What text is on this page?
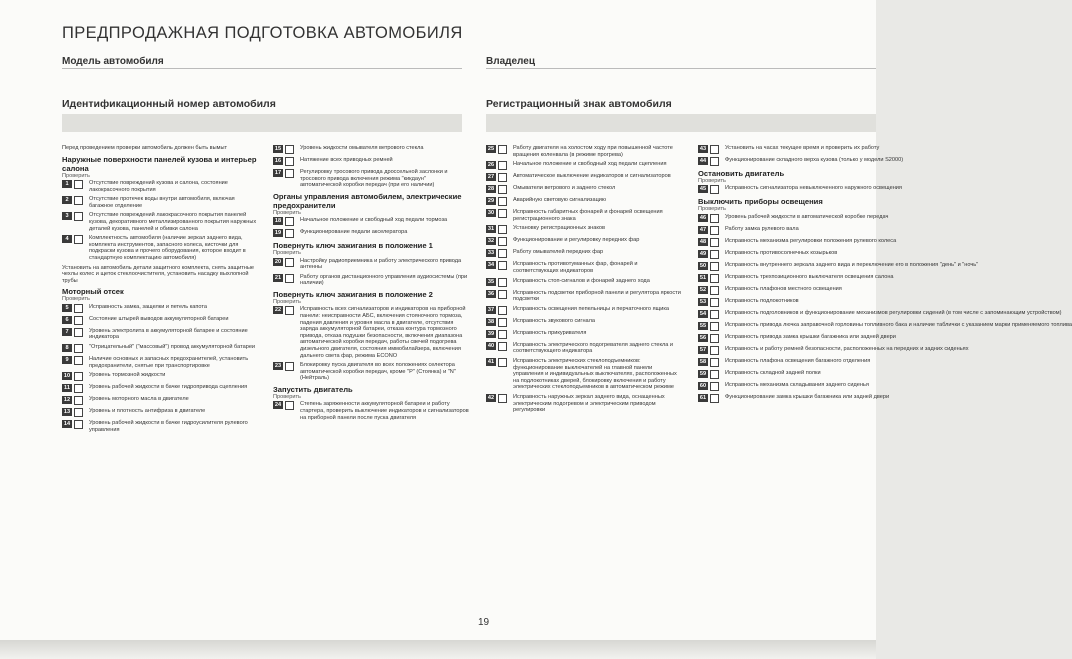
ПРЕДПРОДАЖНАЯ ПОДГОТОВКА АВТОМОБИЛЯ
Модель автомобиля	Владелец
Идентификационный номер автомобиля	Регистрационный знак автомобиля

Перед проведением проверки автомобиль должен быть вымыт

Наружные поверхности панелей кузова и интерьер салона
Проверить
1	Отсутствие повреждений кузова и салона, состояние лакокрасочного покрытия
2	Отсутствие протечек воды внутри автомобиля, включая багажное отделение
3	Отсутствие повреждений лакокрасочного покрытия панелей кузова, декоративного металлизированного покрытия наружных деталей кузова, панелей и обивки салона
4	Комплектность автомобиля (наличие зеркал заднего вида, комплекта инструментов, запасного колеса, кисточки для подкраски кузова и прочего оборудования, которое входит в стандартную комплектацию автомобиля)

Установить на автомобиль детали защитного комплекта, снять защитные чехлы колес и щеток стеклоочистителя, установить насадку выхлопной трубы

Моторный отсек
Проверить
5	Исправность замка, защелки и петель капота
6	Состояние штырей выводов аккумуляторной батареи
7	Уровень электролита в аккумуляторной батарее и состояние индикатора
8	"Отрицательный" ("массовый") провод аккумуляторной батареи
9	Наличие основных и запасных предохранителей, установить предохранители, снятые при транспортировке
10	Уровень тормозной жидкости
11	Уровень рабочей жидкости в бачке гидропривода сцепления
12	Уровень моторного масла в двигателе
13	Уровень и плотность антифриза в двигателе
14	Уровень рабочей жидкости в бачке гидроусилителя рулевого управления
15	Уровень жидкости омывателя ветрового стекла
16	Натяжение всех приводных ремней
17	Регулировку тросового привода дроссельной заслонки и тросового привода включения режима "кикдаун" автоматической коробки передач (при его наличии)
Органы управления автомобилем, электрические предохранители
Проверить
18	Начальное положение и свободный ход педали тормоза
19	Функционирование педали акселератора
Повернуть ключ зажигания в положение 1
Проверить
20	Настройку радиоприемника и работу электрического привода антенны
21	Работу органов дистанционного управления аудиосистемы (при наличии)
Повернуть ключ зажигания в положение 2
Проверить
22	Исправность всех сигнализаторов и индикаторов на приборной панели: неисправности АБС, включения стояночного тормоза, падения давления и уровня масла в двигателе, отсутствия заряда аккумуляторной батареи, отказа контура тормозного привода, отказа подушки безопасности, включения диапазона автоматической коробки передач, работы свечей подогрева дизельного двигателя, состояния иммобилайзера, включения дальнего света фар, режима ECONO
23	Блокировку пуска двигателя во всех положениях селектора автоматической коробки передач, кроме "P" (Стоянка) и "N" (Нейтраль)
Запустить двигатель
Проверить
24	Степень заряженности аккумуляторной батареи и работу стартера, проверить выключение индикаторов и сигнализаторов на приборной панели после пуска двигателя
25	Работу двигателя на холостом ходу при повышенной частоте вращения коленвала (в режиме прогрева)
26	Начальное положение и свободный ход педали сцепления
27	Автоматическое выключение индикаторов и сигнализаторов
28	Омыватели ветрового и заднего стекол
29	Аварийную световую сигнализацию
30	Исправность габаритных фонарей и фонарей освещения регистрационного знака
31	Установку регистрационных знаков
32	Функционирование и регулировку передних фар
33	Работу омывателей передних фар
34	Исправность противотуманных фар, фонарей и соответствующих индикаторов
35	Исправность стоп-сигналов и фонарей заднего хода
36	Исправность подсветки приборной панели и регулятора яркости подсветки
37	Исправность освещения пепельницы и перчаточного ящика
38	Исправность звукового сигнала
39	Исправность прикуривателя
40	Исправность электрического подогревателя заднего стекла и соответствующего индикатора
41	Исправность электрических стеклоподъемников: функционирование выключателей на главной панели управления и индивидуальных выключателях, расположенных на подлокотниках дверей, блокировку включения и работу электрических стеклоподъемников в автоматическом режиме
42	Исправность наружных зеркал заднего вида, оснащенных электрическим подогревом и электрическим приводом регулировки
43	Установить на часах текущее время и проверить их работу
44	Функционирование складного верха кузова (только у модели S2000)
Остановить двигатель
Проверить
45	Исправность сигнализатора невыключенного наружного освещения
Выключить приборы освещения
Проверить
46	Уровень рабочей жидкости в автоматической коробке передач
47	Работу замка рулевого вала
48	Исправность механизма регулировки положения рулевого колеса
49	Исправность противосолнечных козырьков
50	Исправность внутреннего зеркала заднего вида и переключение его в положения "день" и "ночь"
51	Исправность трехпозиционного выключателя освещения салона
52	Исправность плафонов местного освещения
53	Исправность подлокотников
54	Исправность подголовников и функционирование механизмов регулировки сидений (в том числе с запоминающим устройством)
55	Исправность привода лючка заправочной горловины топливного бака и наличие таблички с указанием марки применяемого топлива
56	Исправность привода замка крышки багажника или задней двери
57	Исправность и работу ремней безопасности, расположенных на передних и задних сиденьях
58	Исправность плафона освещения багажного отделения
59	Исправность складной задней полки
60	Исправность механизма складывания заднего сиденья
61	Функционирование замка крышки багажника или задней двери
19
